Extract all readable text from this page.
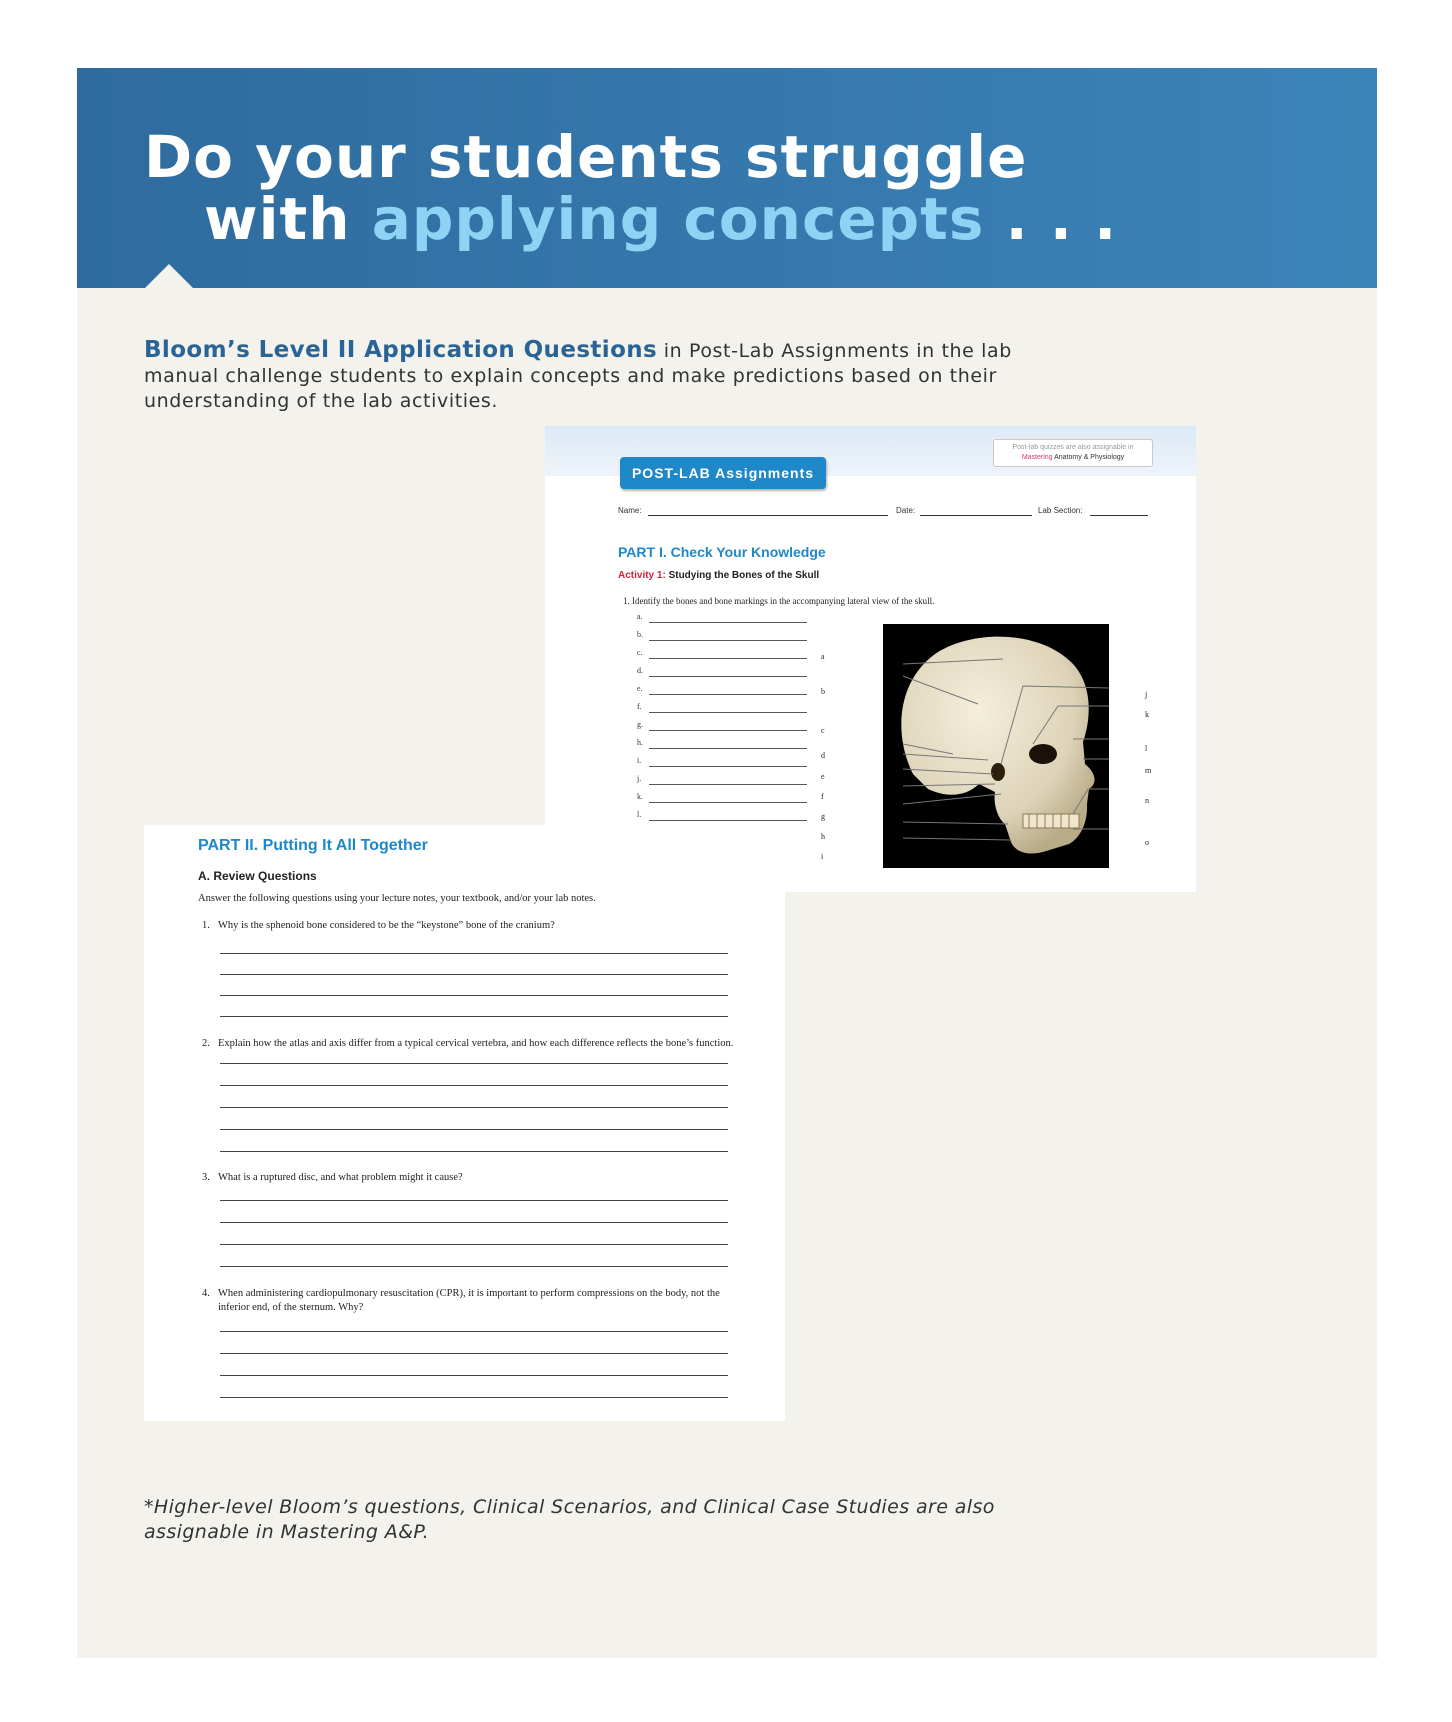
Do your students struggle
with applying concepts . . .
Bloom’s Level II Application Questions in Post-Lab Assignments in the lab manual challenge students to explain concepts and make predictions based on their understanding of the lab activities.
*Higher-level Bloom’s questions, Clinical Scenarios, and Clinical Case Studies are also assignable in Mastering A&P.
POST-LAB Assignments
Post-lab quizzes are also assignable in
Mastering Anatomy & Physiology
Name:	Date:	Lab Section:
PART I. Check Your Knowledge
Activity 1: Studying the Bones of the Skull
1. Identify the bones and bone markings in the accompanying lateral view of the skull.
a.
b.
c.
d.
e.
f.
g.
h.
i.
j.
k.
l.
a
b
c
d
e
f
g
h
i
j
k
l
m
n
o
PART II. Putting It All Together
A. Review Questions
Answer the following questions using your lecture notes, your textbook, and/or your lab notes.
1. Why is the sphenoid bone considered to be the “keystone” bone of the cranium?
2. Explain how the atlas and axis differ from a typical cervical vertebra, and how each difference reflects the bone’s function.
3. What is a ruptured disc, and what problem might it cause?
4. When administering cardiopulmonary resuscitation (CPR), it is important to perform compressions on the body, not the inferior end, of the sternum. Why?
